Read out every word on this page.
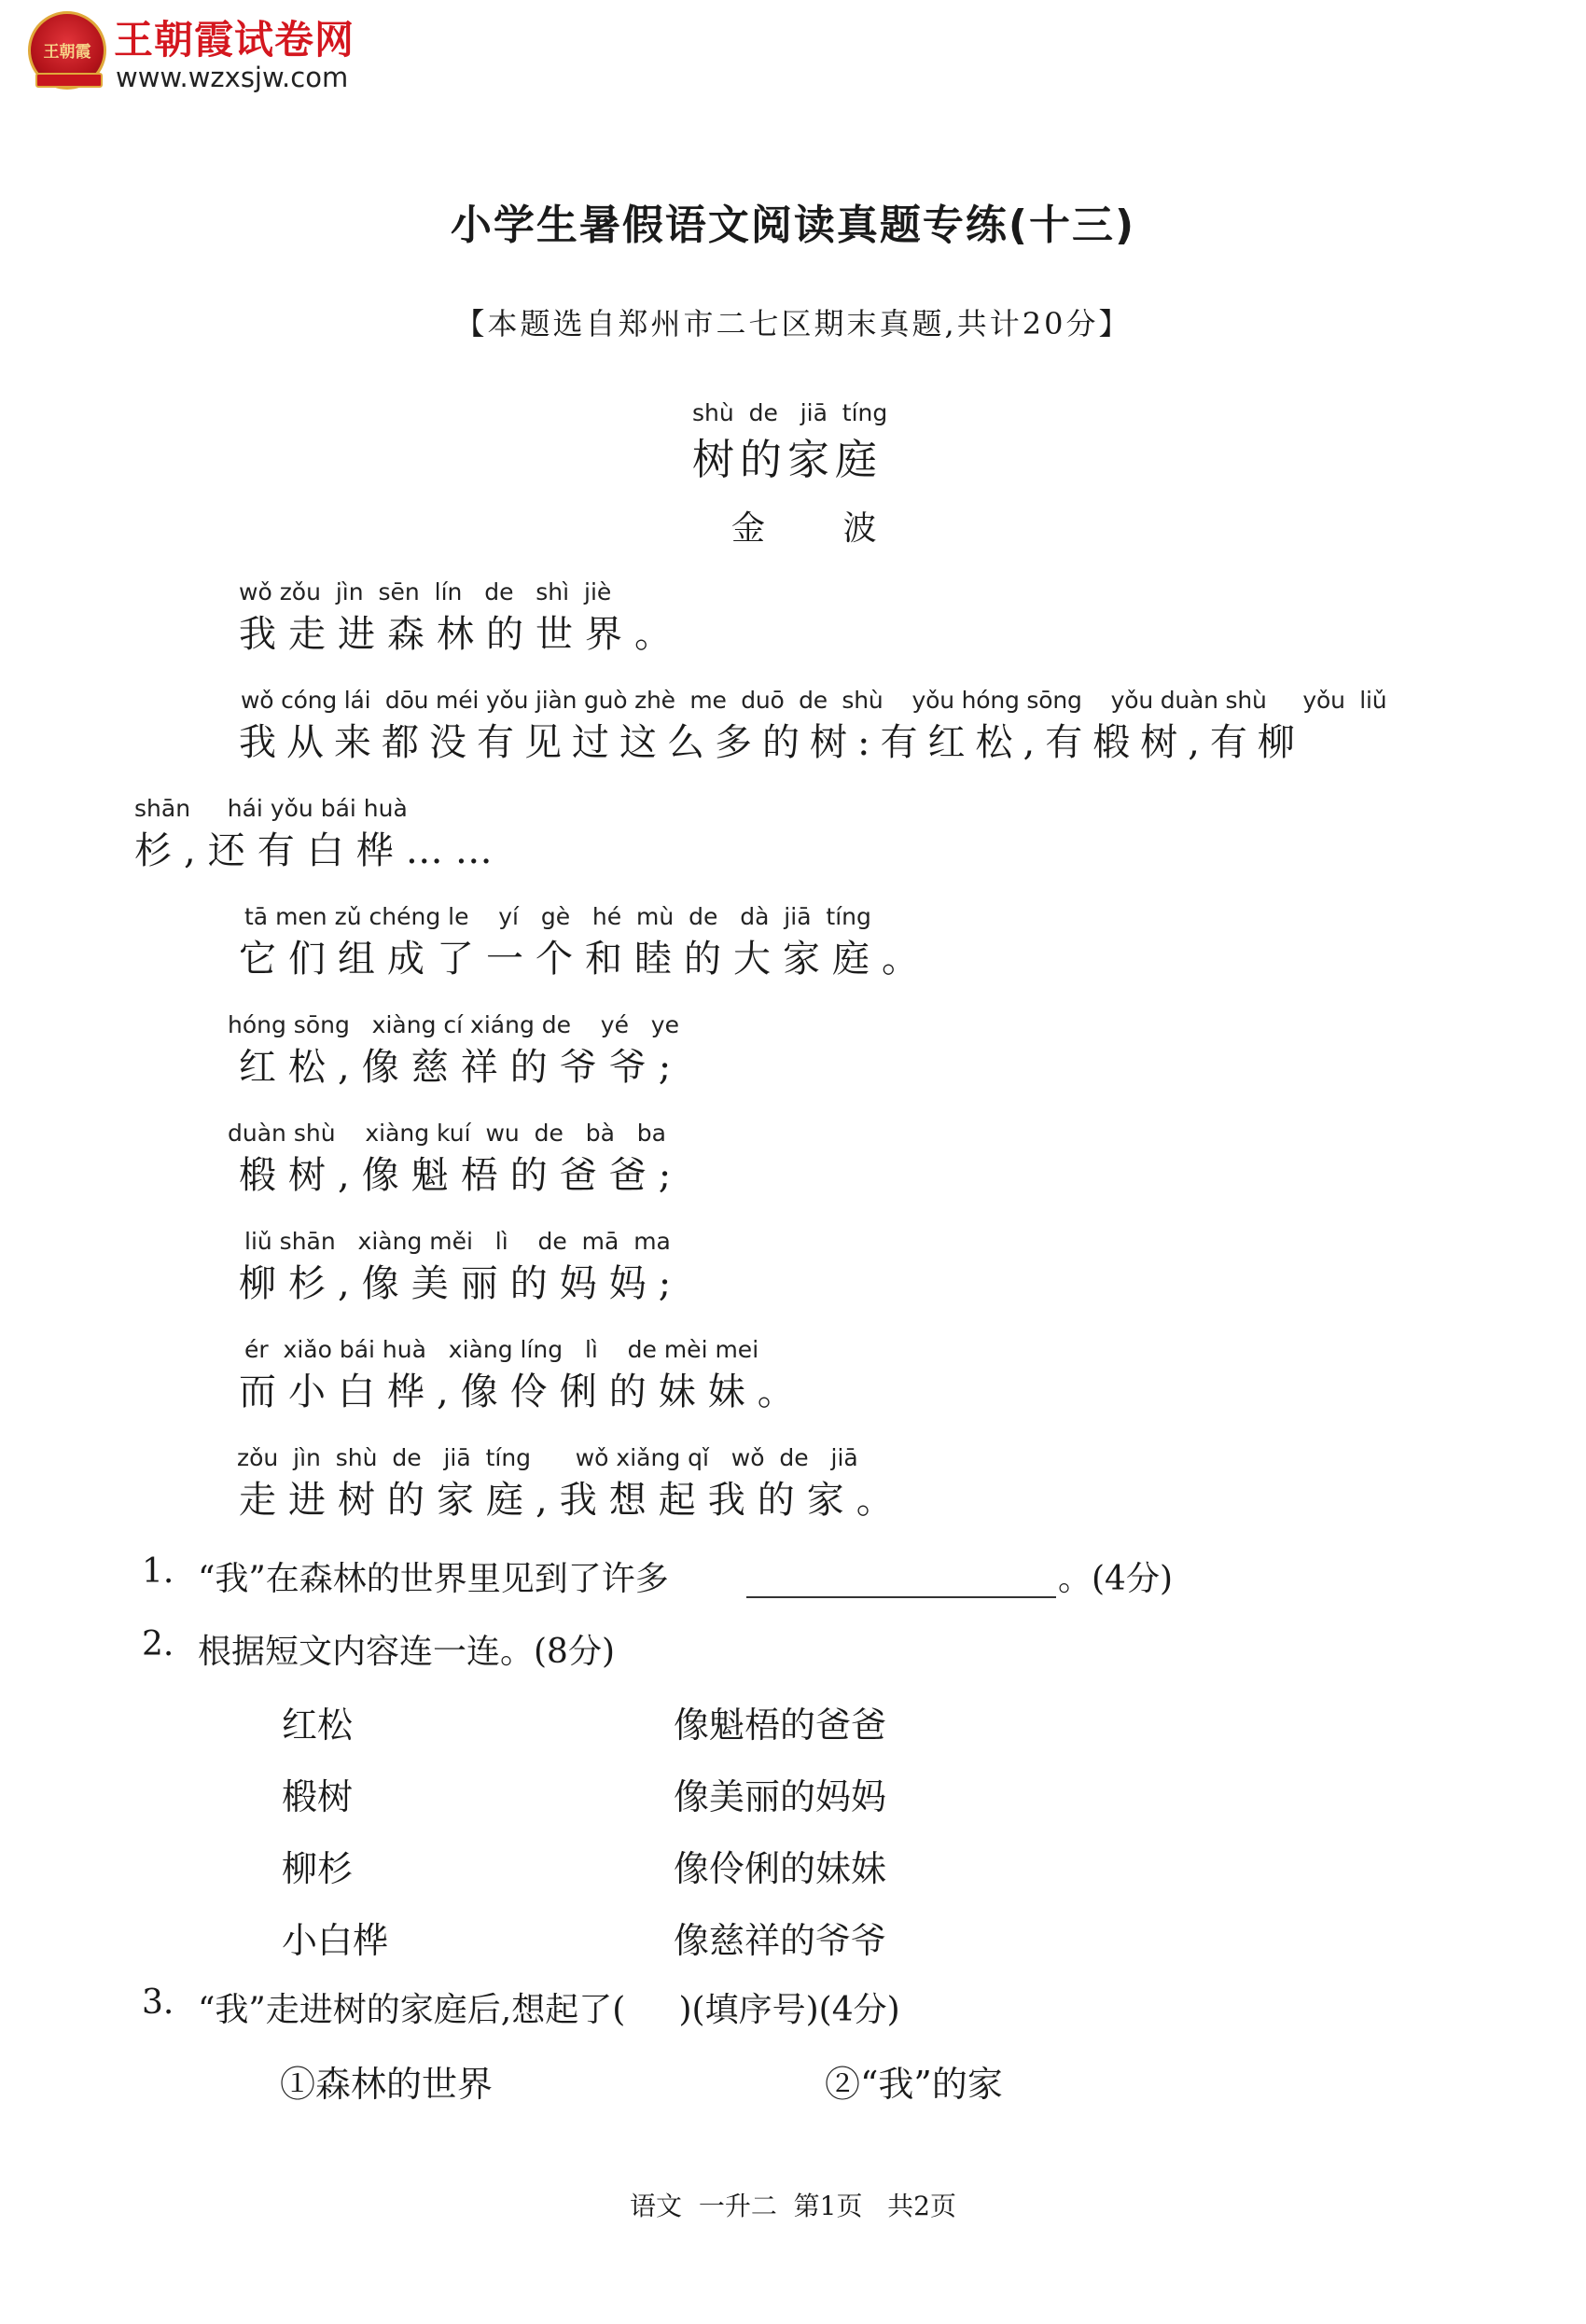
王朝霞 王朝霞试卷网
www.wzxsjw.com
小学生暑假语文阅读真题专练(十三)
【本题选自郑州市二七区期末真题,共计20分】
shù  de   jiā  tíng
树的家庭
金 波
wǒ zǒu  jìn  sēn  lín   de   shì  jiè
我走进森林的世界。
wǒ cóng lái  dōu méi yǒu jiàn guò zhè  me  duō  de  shù    yǒu hóng sōng    yǒu duàn shù     yǒu  liǔ
我从来都没有见过这么多的树:有红松,有椴树,有柳
shān     hái yǒu bái huà
杉,还有白桦……
tā men zǔ chéng le    yí   gè   hé  mù  de   dà  jiā  tíng
它们组成了一个和睦的大家庭。
hóng sōng   xiàng cí xiáng de    yé   ye
红松,像慈祥的爷爷;
duàn shù    xiàng kuí  wu  de   bà   ba
椴树,像魁梧的爸爸;
liǔ shān   xiàng měi   lì    de  mā  ma
柳杉,像美丽的妈妈;
ér  xiǎo bái huà   xiàng líng   lì    de mèi mei
而小白桦,像伶俐的妹妹。
zǒu  jìn  shù  de   jiā  tíng      wǒ xiǎng qǐ   wǒ  de   jiā
走进树的家庭,我想起我的家。
1. “我”在森林的世界里见到了许多	。(4分)
2. 根据短文内容连一连。(8分)
红松
椴树
柳杉
小白桦
像魁梧的爸爸
像美丽的妈妈
像伶俐的妹妹
像慈祥的爷爷
3. “我”走进树的家庭后,想起了(     )(填序号)(4分)
①森林的世界	②“我”的家
语文  一升二  第1页   共2页
